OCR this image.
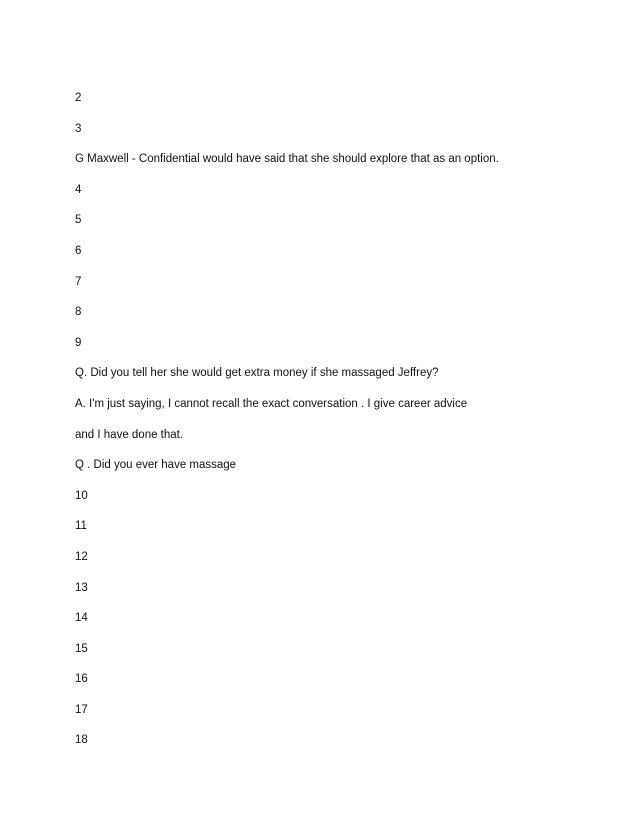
2
3
G Maxwell - Confidential would have said that she should explore that as an option.
4
5
6
7
8
9
Q. Did you tell her she would get extra money if she massaged Jeffrey?
A. I'm just saying, I cannot recall the exact conversation . I give career advice
and I have done that.
Q . Did you ever have massage
10
11
12
13
14
15
16
17
18
